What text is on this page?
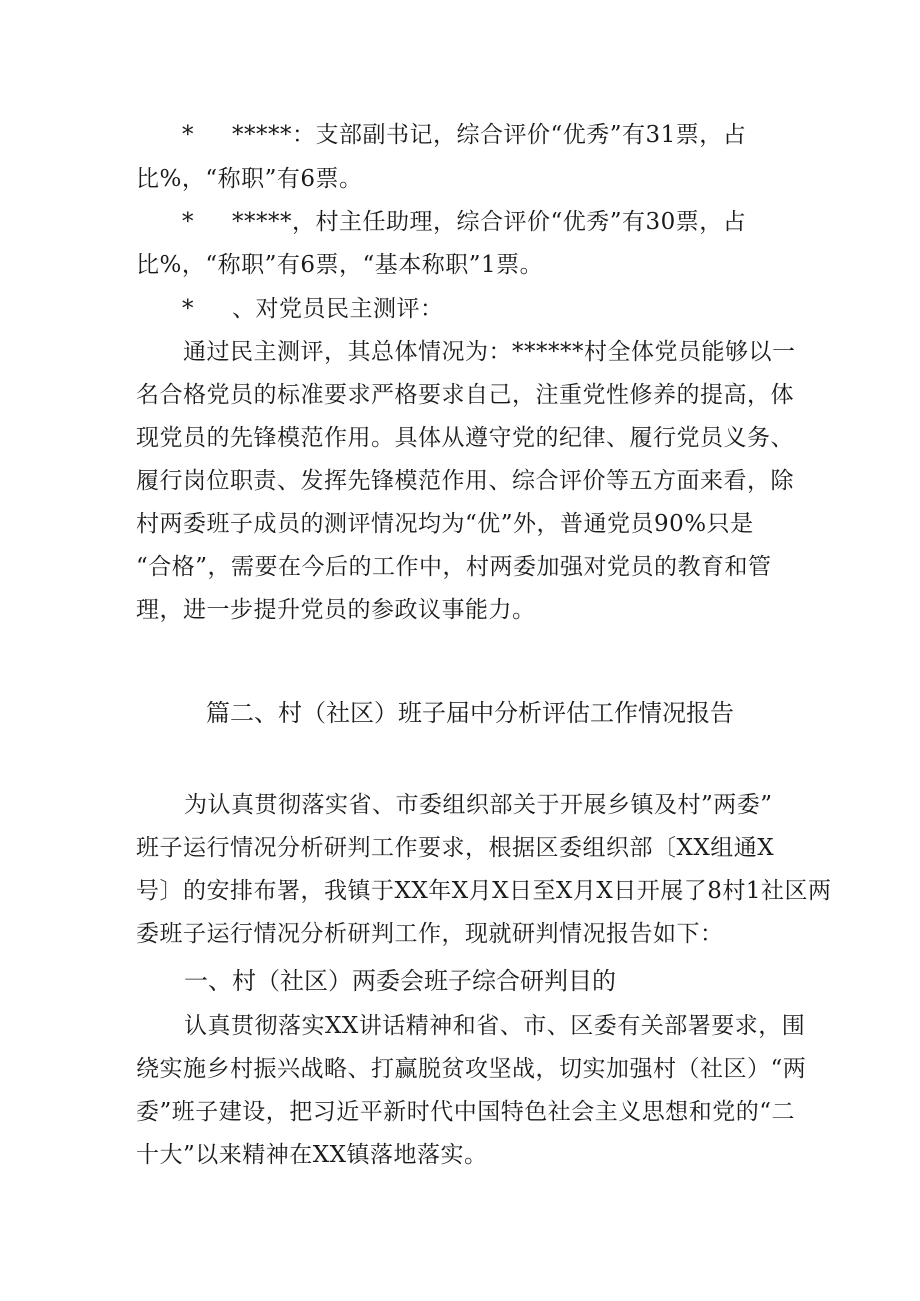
* *****：支部副书记，综合评价“优秀”有31票，占
比%，“称职”有6票。
* *****，村主任助理，综合评价“优秀”有30票，占
比%，“称职”有6票，“基本称职”1票。
* 、对党员民主测评：
通过民主测评，其总体情况为：******村全体党员能够以一
名合格党员的标准要求严格要求自己，注重党性修养的提高，体
现党员的先锋模范作用。具体从遵守党的纪律、履行党员义务、
履行岗位职责、发挥先锋模范作用、综合评价等五方面来看，除
村两委班子成员的测评情况均为“优”外，普通党员90%只是
“合格”，需要在今后的工作中，村两委加强对党员的教育和管
理，进一步提升党员的参政议事能力。
篇二、村（社区）班子届中分析评估工作情况报告
为认真贯彻落实省、市委组织部关于开展乡镇及村”两委”
班子运行情况分析研判工作要求，根据区委组织部〔XX组通X
号〕的安排布署，我镇于XX年X月X日至X月X日开展了8村1社区两
委班子运行情况分析研判工作，现就研判情况报告如下：
一、村（社区）两委会班子综合研判目的
认真贯彻落实XX讲话精神和省、市、区委有关部署要求，围
绕实施乡村振兴战略、打赢脱贫攻坚战，切实加强村（社区）“两
委”班子建设，把习近平新时代中国特色社会主义思想和党的“二
十大”以来精神在XX镇落地落实。
